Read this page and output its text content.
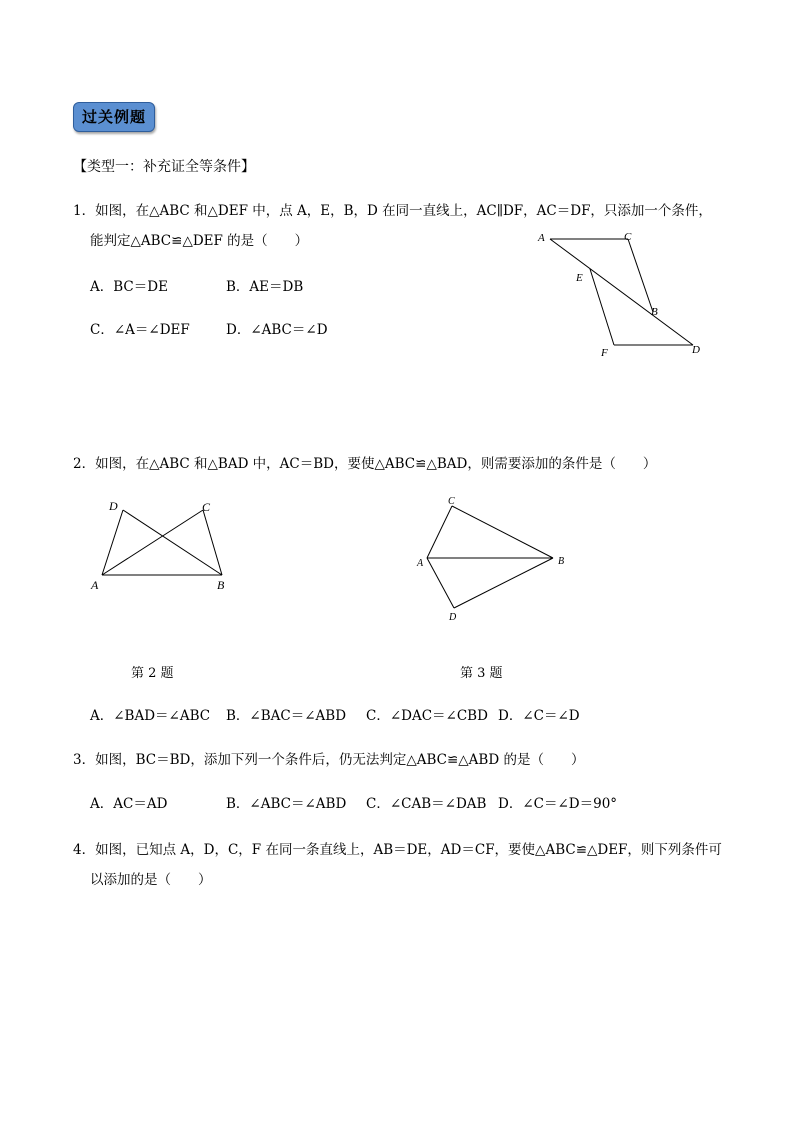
过关例题
【类型一：补充证全等条件】
1．如图，在△ABC 和△DEF 中，点 A，E，B，D 在同一直线上，AC∥DF，AC＝DF，只添加一个条件，
能判定△ABC≌△DEF 的是（　　）
A．BC＝DE	B．AE＝DB
C．∠A＝∠DEF	D．∠ABC＝∠D
A	C
E
B
F	D
2．如图，在△ABC 和△BAD 中，AC＝BD，要使△ABC≌△BAD，则需要添加的条件是（　　）
D	C
A	B
C
A	B
D
第 2 题	第 3 题
A．∠BAD＝∠ABC B．∠BAC＝∠ABD C．∠DAC＝∠CBD D．∠C＝∠D
3．如图，BC＝BD，添加下列一个条件后，仍无法判定△ABC≌△ABD 的是（　　）
A．AC＝AD	B．∠ABC＝∠ABD C．∠CAB＝∠DAB D．∠C＝∠D＝90°
4．如图，已知点 A，D，C，F 在同一条直线上，AB＝DE，AD＝CF，要使△ABC≌△DEF，则下列条件可
以添加的是（　　）
